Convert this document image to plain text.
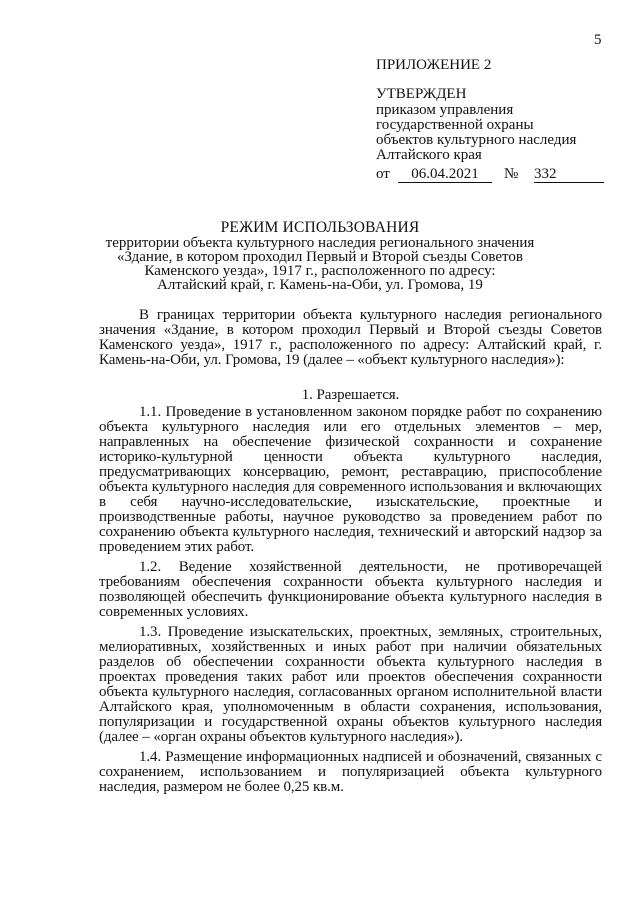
5
ПРИЛОЖЕНИЕ 2
УТВЕРЖДЕН
приказом управления
государственной охраны
объектов культурного наследия
Алтайского края
от	06.04.2021	№ 332
РЕЖИМ ИСПОЛЬЗОВАНИЯ
территории объекта культурного наследия регионального значения
«Здание, в котором проходил Первый и Второй съезды Советов
Каменского уезда», 1917 г., расположенного по адресу:
Алтайский край, г. Камень-на-Оби, ул. Громова, 19

В границах территории объекта культурного наследия регионального значения «Здание, в котором проходил Первый и Второй съезды Советов Каменского уезда», 1917 г., расположенного по адресу: Алтайский край, г. Камень-на-Оби, ул. Громова, 19 (далее – «объект культурного наследия»):

1. Разрешается.

1.1. Проведение в установленном законом порядке работ по сохранению объекта культурного наследия или его отдельных элементов – мер, направленных на обеспечение физической сохранности и сохранение историко-культурной ценности объекта культурного наследия, предусматривающих консервацию, ремонт, реставрацию, приспособление объекта культурного наследия для современного использования и включающих в себя научно-исследовательские, изыскательские, проектные и производственные работы, научное руководство за проведением работ по сохранению объекта культурного наследия, технический и авторский надзор за проведением этих работ.

1.2. Ведение хозяйственной деятельности, не противоречащей требованиям обеспечения сохранности объекта культурного наследия и позволяющей обеспечить функционирование объекта культурного наследия в современных условиях.

1.3. Проведение изыскательских, проектных, земляных, строительных, мелиоративных, хозяйственных и иных работ при наличии обязательных разделов об обеспечении сохранности объекта культурного наследия в проектах проведения таких работ или проектов обеспечения сохранности объекта культурного наследия, согласованных органом исполнительной власти Алтайского края, уполномоченным в области сохранения, использования, популяризации и государственной охраны объектов культурного наследия (далее – «орган охраны объектов культурного наследия»).

1.4. Размещение информационных надписей и обозначений, связанных с сохранением, использованием и популяризацией объекта культурного наследия, размером не более 0,25 кв.м.
